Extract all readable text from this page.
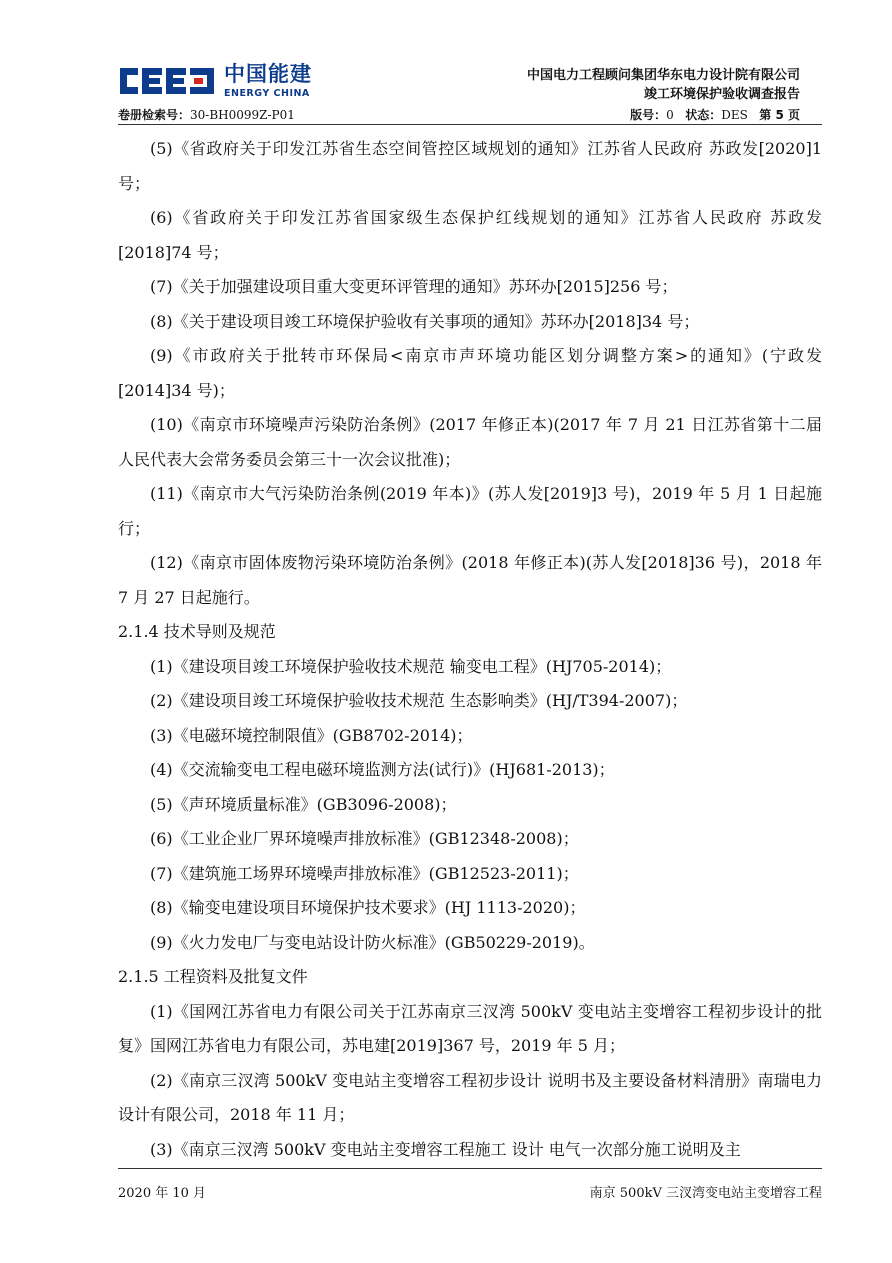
中国能建
ENERGY CHINA
中国电力工程顾问集团华东电力设计院有限公司
竣工环境保护验收调查报告
卷册检索号：30-BH0099Z-P01	版号：0 状态：DES 第 5 页

(5)《省政府关于印发江苏省生态空间管控区域规划的通知》江苏省人民政府 苏政发[2020]1 号；

(6)《省政府关于印发江苏省国家级生态保护红线规划的通知》江苏省人民政府 苏政发[2018]74 号；

(7)《关于加强建设项目重大变更环评管理的通知》苏环办[2015]256 号；

(8)《关于建设项目竣工环境保护验收有关事项的通知》苏环办[2018]34 号；

(9)《市政府关于批转市环保局<南京市声环境功能区划分调整方案>的通知》(宁政发[2014]34 号)；

(10)《南京市环境噪声污染防治条例》(2017 年修正本)(2017 年 7 月 21 日江苏省第十二届人民代表大会常务委员会第三十一次会议批准)；

(11)《南京市大气污染防治条例(2019 年本)》(苏人发[2019]3 号)，2019 年 5 月 1 日起施行；

(12)《南京市固体废物污染环境防治条例》(2018 年修正本)(苏人发[2018]36 号)，2018 年 7 月 27 日起施行。

2.1.4 技术导则及规范

(1)《建设项目竣工环境保护验收技术规范 输变电工程》(HJ705-2014)；

(2)《建设项目竣工环境保护验收技术规范 生态影响类》(HJ/T394-2007)；

(3)《电磁环境控制限值》(GB8702-2014)；

(4)《交流输变电工程电磁环境监测方法(试行)》(HJ681-2013)；

(5)《声环境质量标准》(GB3096-2008)；

(6)《工业企业厂界环境噪声排放标准》(GB12348-2008)；

(7)《建筑施工场界环境噪声排放标准》(GB12523-2011)；

(8)《输变电建设项目环境保护技术要求》(HJ 1113-2020)；

(9)《火力发电厂与变电站设计防火标准》(GB50229-2019)。

2.1.5 工程资料及批复文件

(1)《国网江苏省电力有限公司关于江苏南京三汊湾 500kV 变电站主变增容工程初步设计的批复》国网江苏省电力有限公司，苏电建[2019]367 号，2019 年 5 月；

(2)《南京三汊湾 500kV 变电站主变增容工程初步设计 说明书及主要设备材料清册》南瑞电力设计有限公司，2018 年 11 月；

(3)《南京三汊湾 500kV 变电站主变增容工程施工 设计 电气一次部分施工说明及主

2020 年 10 月	南京 500kV 三汊湾变电站主变增容工程
